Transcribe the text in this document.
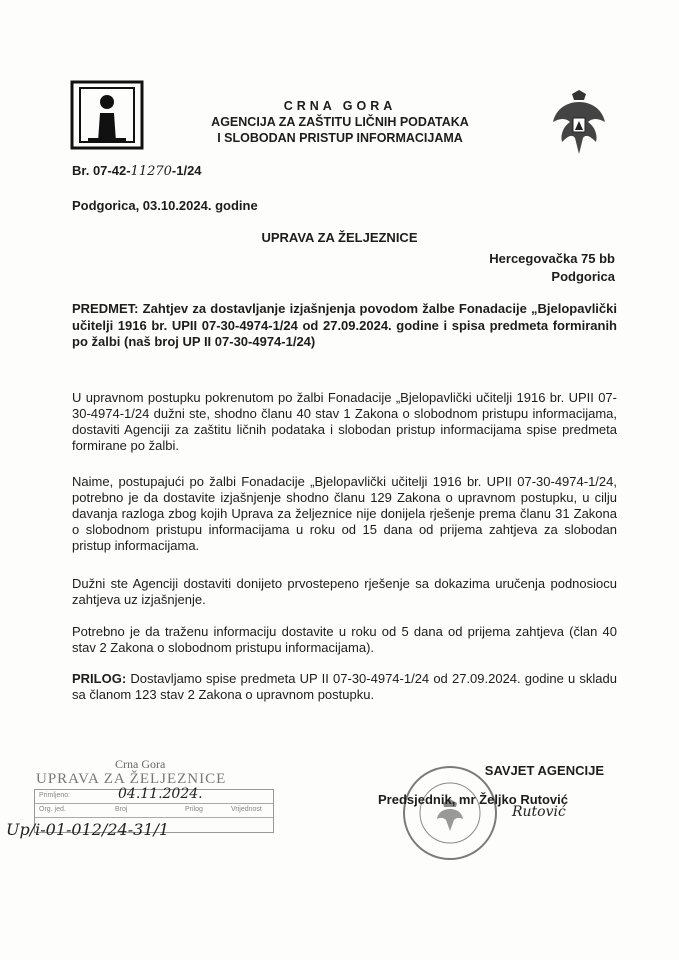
CRNA GORA
AGENCIJA ZA ZAŠTITU LIČNIH PODATAKA
I SLOBODAN PRISTUP INFORMACIJAMA
Br. 07-42-11270-1/24
Podgorica, 03.10.2024. godine
UPRAVA ZA ŽELJEZNICE
Hercegovačka 75 bb
Podgorica
PREDMET: Zahtjev za dostavljanje izjašnjenja povodom žalbe Fonadacije „Bjelopavlički učitelji 1916 br. UPII 07-30-4974-1/24 od 27.09.2024. godine i spisa predmeta formiranih po žalbi (naš broj UP II 07-30-4974-1/24)
U upravnom postupku pokrenutom po žalbi Fonadacije „Bjelopavlički učitelji 1916 br. UPII 07-30-4974-1/24 dužni ste, shodno članu 40 stav 1 Zakona o slobodnom pristupu informacijama, dostaviti Agenciji za zaštitu ličnih podataka i slobodan pristup informacijama spise predmeta formirane po žalbi.
Naime, postupajući po žalbi Fonadacije „Bjelopavlički učitelji 1916 br. UPII 07-30-4974-1/24, potrebno je da dostavite izjašnjenje shodno članu 129 Zakona o upravnom postupku, u cilju davanja razloga zbog kojih Uprava za željeznice nije donijela rješenje prema članu 31 Zakona o slobodnom pristupu informacijama u roku od 15 dana od prijema zahtjeva za slobodan pristup informacijama.
Dužni ste Agenciji dostaviti donijeto prvostepeno rješenje sa dokazima uručenja podnosiocu zahtjeva uz izjašnjenje.
Potrebno je da traženu informaciju dostavite u roku od 5 dana od prijema zahtjeva (član 40 stav 2 Zakona o slobodnom pristupu informacijama).
PRILOG: Dostavljamo spise predmeta UP II 07-30-4974-1/24 od 27.09.2024. godine u skladu sa članom 123 stav 2 Zakona o upravnom postupku.
Crna Gora
UPRAVA ZA ŽELJEZNICE
Primljeno:
Org. jed.	Broj	Prilog	Vrijednost
04.11.2024.
Up/i-01-012/24-31/1
SAVJET AGENCIJE
Predsjednik, mr Željko Rutović
Rutović
